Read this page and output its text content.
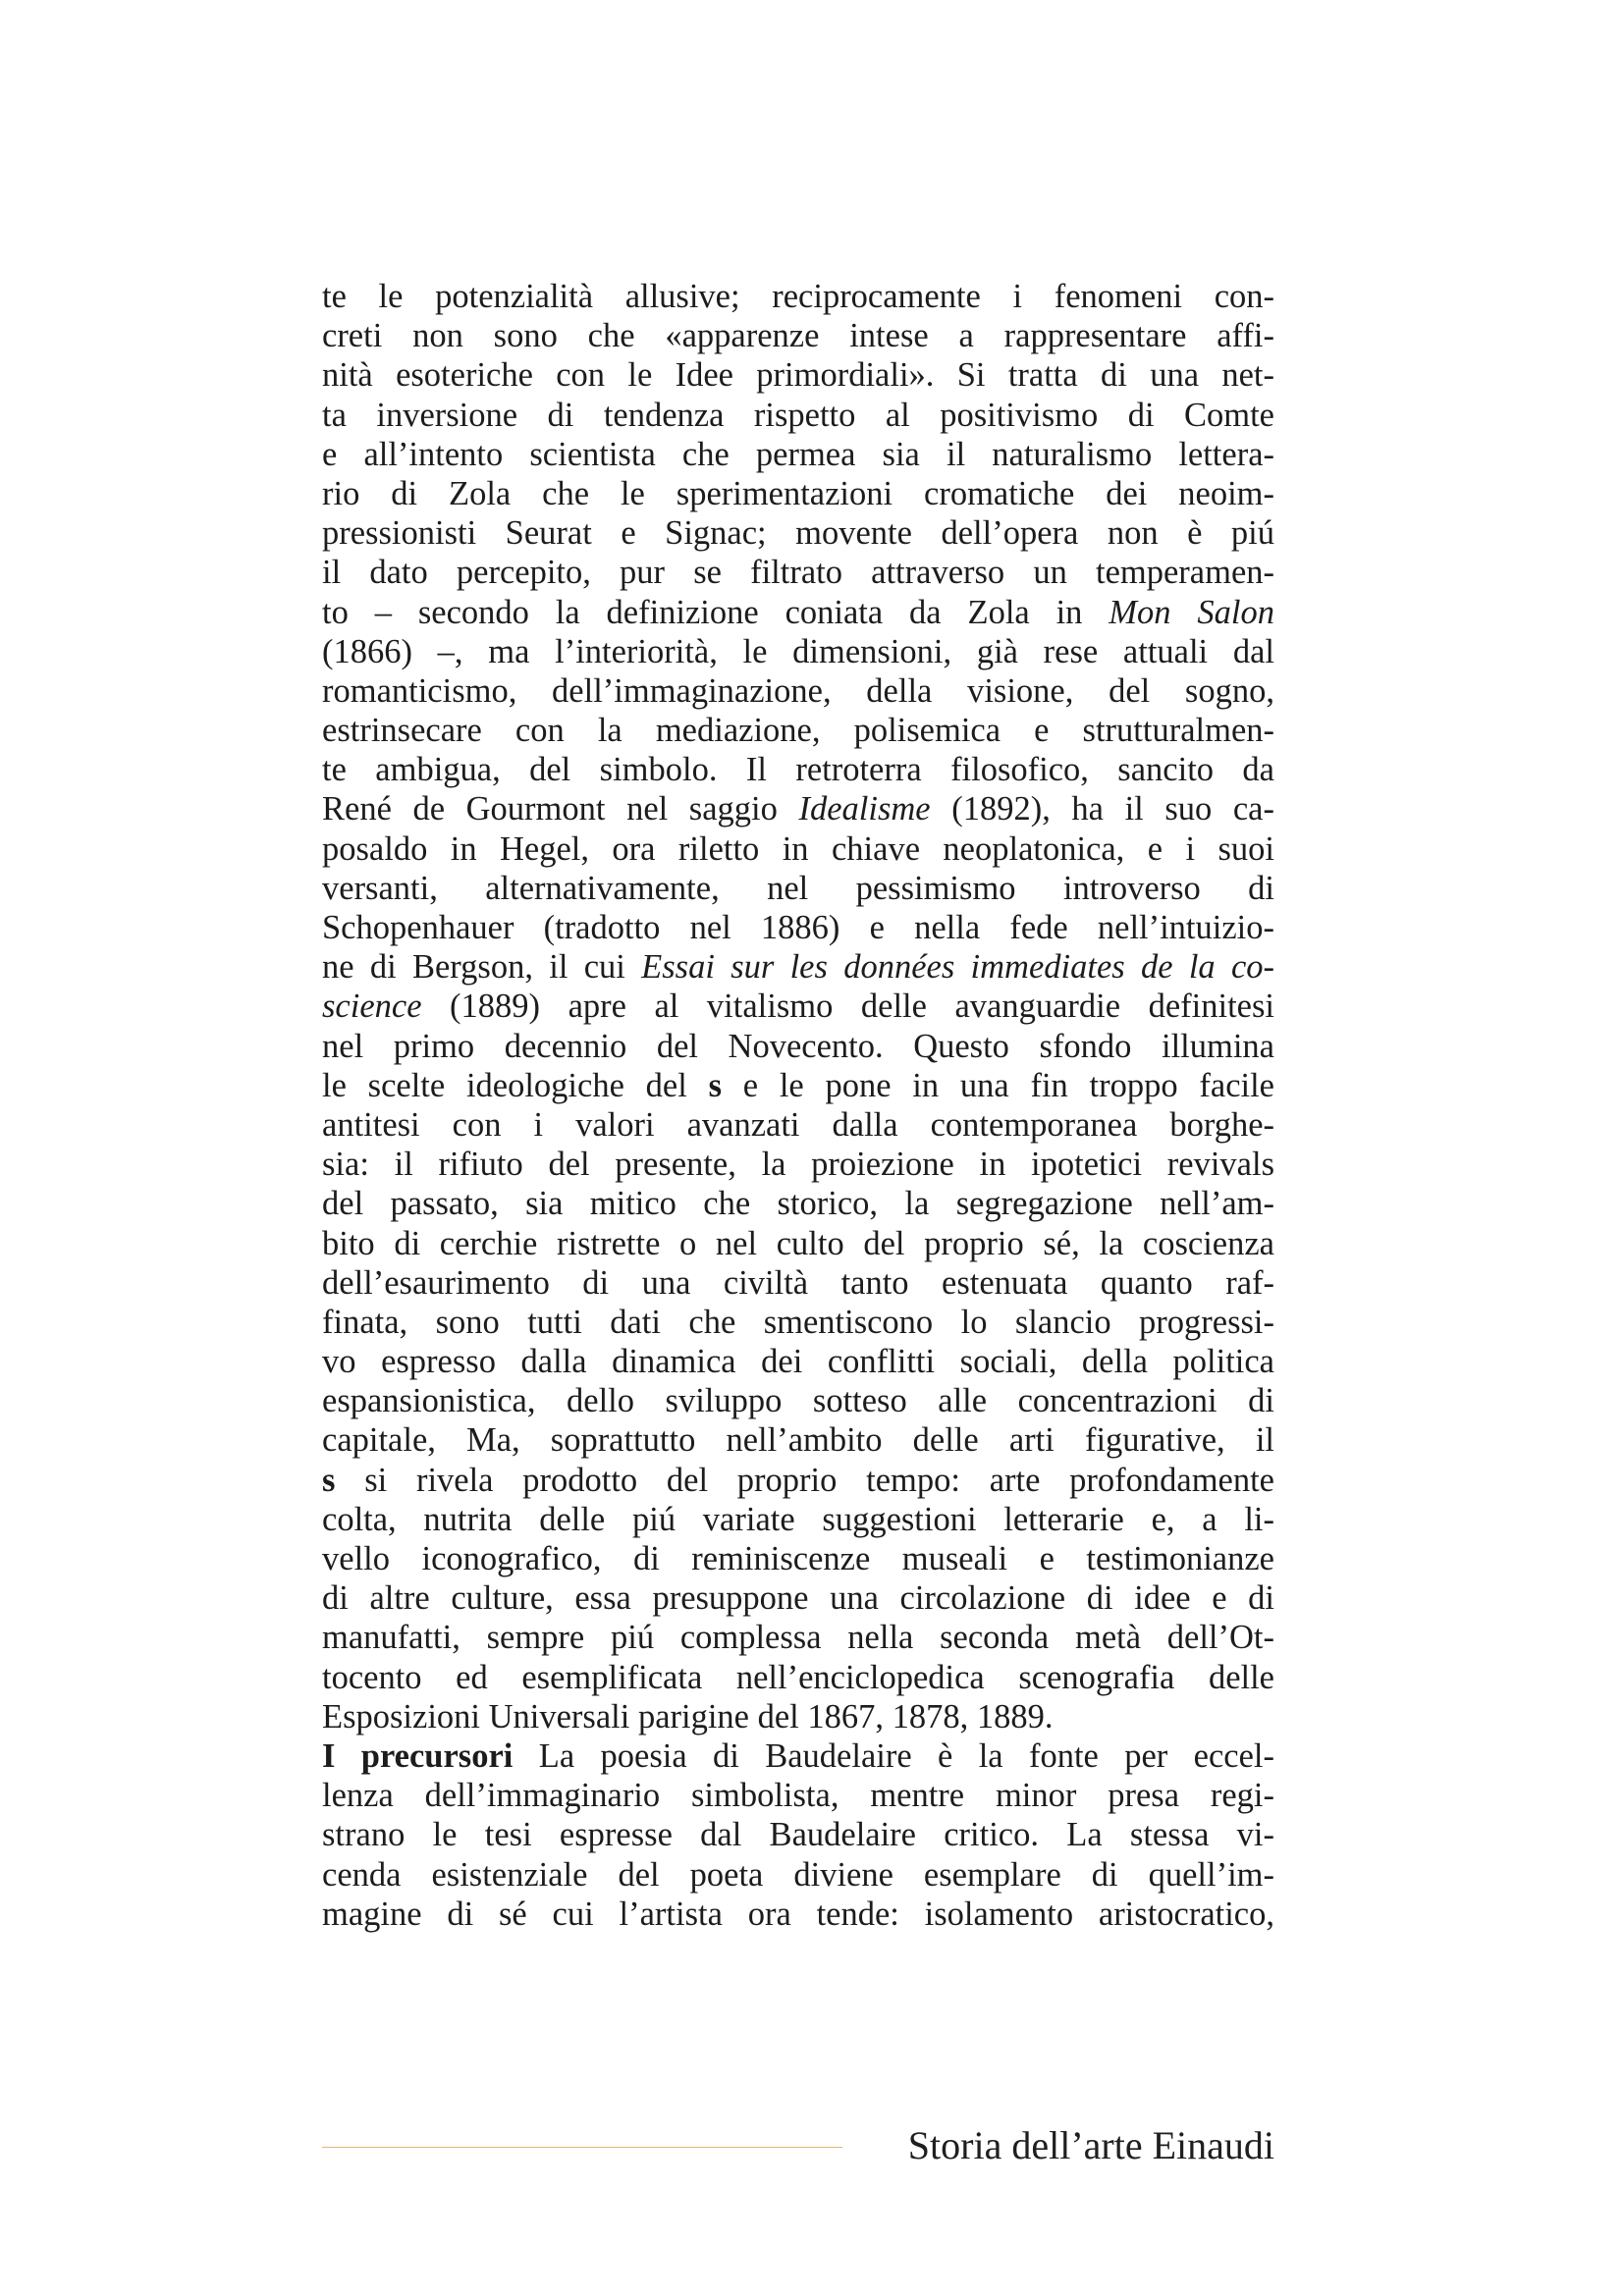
te le potenzialità allusive; reciprocamente i fenomeni con-
creti non sono che «apparenze intese a rappresentare affi-
nità esoteriche con le Idee primordiali». Si tratta di una net-
ta inversione di tendenza rispetto al positivismo di Comte
e all’intento scientista che permea sia il naturalismo lettera-
rio di Zola che le sperimentazioni cromatiche dei neoim-
pressionisti Seurat e Signac; movente dell’opera non è piú
il dato percepito, pur se filtrato attraverso un temperamen-
to – secondo la definizione coniata da Zola in Mon Salon
(1866) –, ma l’interiorità, le dimensioni, già rese attuali dal
romanticismo, dell’immaginazione, della visione, del sogno,
estrinsecare con la mediazione, polisemica e strutturalmen-
te ambigua, del simbolo. Il retroterra filosofico, sancito da
René de Gourmont nel saggio Idealisme (1892), ha il suo ca-
posaldo in Hegel, ora riletto in chiave neoplatonica, e i suoi
versanti, alternativamente, nel pessimismo introverso di
Schopenhauer (tradotto nel 1886) e nella fede nell’intuizio-
ne di Bergson, il cui Essai sur les données immediates de la co-
science (1889) apre al vitalismo delle avanguardie definitesi
nel primo decennio del Novecento. Questo sfondo illumina
le scelte ideologiche del s e le pone in una fin troppo facile
antitesi con i valori avanzati dalla contemporanea borghe-
sia: il rifiuto del presente, la proiezione in ipotetici revivals
del passato, sia mitico che storico, la segregazione nell’am-
bito di cerchie ristrette o nel culto del proprio sé, la coscienza
dell’esaurimento di una civiltà tanto estenuata quanto raf-
finata, sono tutti dati che smentiscono lo slancio progressi-
vo espresso dalla dinamica dei conflitti sociali, della politica
espansionistica, dello sviluppo sotteso alle concentrazioni di
capitale, Ma, soprattutto nell’ambito delle arti figurative, il
s si rivela prodotto del proprio tempo: arte profondamente
colta, nutrita delle piú variate suggestioni letterarie e, a li-
vello iconografico, di reminiscenze museali e testimonianze
di altre culture, essa presuppone una circolazione di idee e di
manufatti, sempre piú complessa nella seconda metà dell’Ot-
tocento ed esemplificata nell’enciclopedica scenografia delle
Esposizioni Universali parigine del 1867, 1878, 1889.
I precursori La poesia di Baudelaire è la fonte per eccel-
lenza dell’immaginario simbolista, mentre minor presa regi-
strano le tesi espresse dal Baudelaire critico. La stessa vi-
cenda esistenziale del poeta diviene esemplare di quell’im-
magine di sé cui l’artista ora tende: isolamento aristocratico,
Storia dell’arte Einaudi
